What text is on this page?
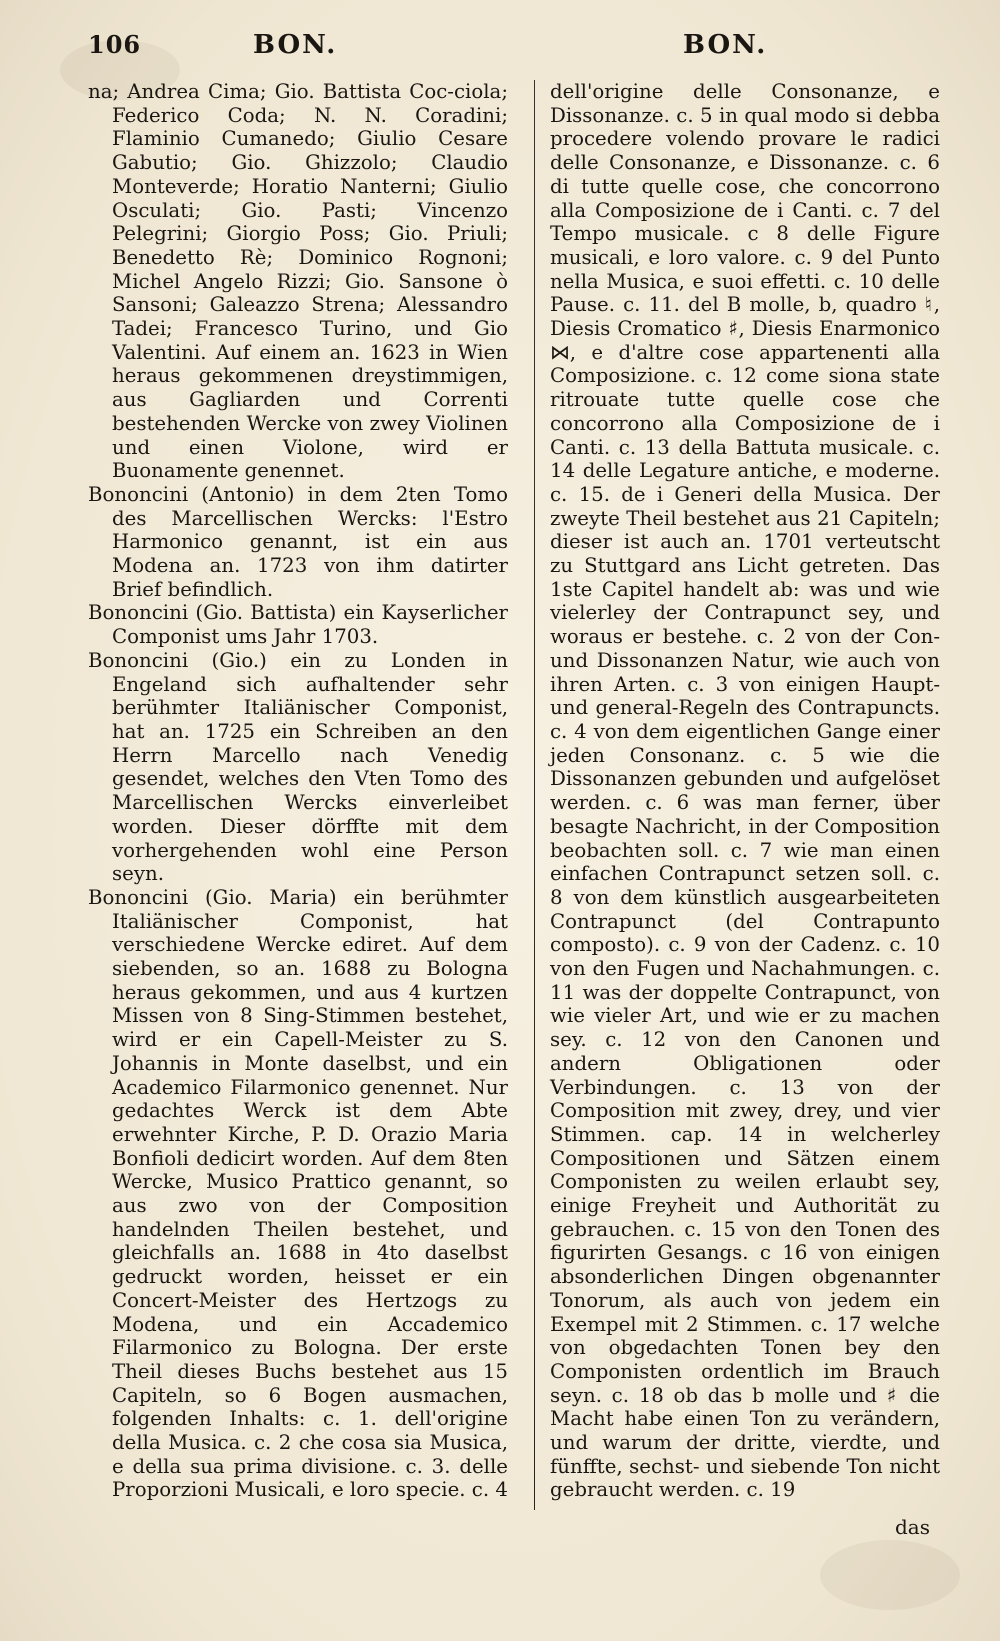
106	BON.	BON.

na; Andrea Cima; Gio. Battista Coc-ciola; Federico Coda; N. N. Coradini; Flaminio Cumanedo; Giulio Cesare Gabutio; Gio. Ghizzolo; Claudio Monteverde; Horatio Nanterni; Giulio Osculati; Gio. Pasti; Vincenzo Pelegrini; Giorgio Poss; Gio. Priuli; Benedetto Rè; Dominico Rognoni; Michel Angelo Rizzi; Gio. Sansone ò Sansoni; Galeazzo Strena; Alessandro Tadei; Francesco Turino, und Gio Valentini. Auf einem an. 1623 in Wien heraus gekommenen dreystimmigen, aus Gagliarden und Correnti bestehenden Wercke von zwey Violinen und einen Violone, wird er Buonamente genennet.

Bononcini (Antonio) in dem 2ten Tomo des Marcellischen Wercks: l'Estro Harmonico genannt, ist ein aus Modena an. 1723 von ihm datirter Brief befindlich.

Bononcini (Gio. Battista) ein Kayserlicher Componist ums Jahr 1703.

Bononcini (Gio.) ein zu Londen in Engeland sich aufhaltender sehr berühmter Italiänischer Componist, hat an. 1725 ein Schreiben an den Herrn Marcello nach Venedig gesendet, welches den Vten Tomo des Marcellischen Wercks einverleibet worden. Dieser dörffte mit dem vorhergehenden wohl eine Person seyn.

Bononcini (Gio. Maria) ein berühmter Italiänischer Componist, hat verschiedene Wercke ediret. Auf dem siebenden, so an. 1688 zu Bologna heraus gekommen, und aus 4 kurtzen Missen von 8 Sing-Stimmen bestehet, wird er ein Capell-Meister zu S. Johannis in Monte daselbst, und ein Academico Filarmonico genennet. Nur gedachtes Werck ist dem Abte erwehnter Kirche, P. D. Orazio Maria Bonfioli dedicirt worden. Auf dem 8ten Wercke, Musico Prattico genannt, so aus zwo von der Composition handelnden Theilen bestehet, und gleichfalls an. 1688 in 4to daselbst gedruckt worden, heisset er ein Concert-Meister des Hertzogs zu Modena, und ein Accademico Filarmonico zu Bologna. Der erste Theil dieses Buchs bestehet aus 15 Capiteln, so 6 Bogen ausmachen, folgenden Inhalts: c. 1. dell'origine della Musica. c. 2 che cosa sia Musica, e della sua prima divisione. c. 3. delle Proporzioni Musicali, e loro specie. c. 4

dell'origine delle Consonanze, e Dissonanze. c. 5 in qual modo si debba procedere volendo provare le radici delle Consonanze, e Dissonanze. c. 6 di tutte quelle cose, che concorrono alla Composizione de i Canti. c. 7 del Tempo musicale. c 8 delle Figure musicali, e loro valore. c. 9 del Punto nella Musica, e suoi effetti. c. 10 delle Pause. c. 11. del B molle, b, quadro ♮, Diesis Cromatico ♯, Diesis Enarmonico ⋈, e d'altre cose appartenenti alla Composizione. c. 12 come siona state ritrouate tutte quelle cose che concorrono alla Composizione de i Canti. c. 13 della Battuta musicale. c. 14 delle Legature antiche, e moderne. c. 15. de i Generi della Musica. Der zweyte Theil bestehet aus 21 Capiteln; dieser ist auch an. 1701 verteutscht zu Stuttgard ans Licht getreten. Das 1ste Capitel handelt ab: was und wie vielerley der Contrapunct sey, und woraus er bestehe. c. 2 von der Con- und Dissonanzen Natur, wie auch von ihren Arten. c. 3 von einigen Haupt- und general-Regeln des Contrapuncts. c. 4 von dem eigentlichen Gange einer jeden Consonanz. c. 5 wie die Dissonanzen gebunden und aufgelöset werden. c. 6 was man ferner, über besagte Nachricht, in der Composition beobachten soll. c. 7 wie man einen einfachen Contrapunct setzen soll. c. 8 von dem künstlich ausgearbeiteten Contrapunct (del Contrapunto composto). c. 9 von der Cadenz. c. 10 von den Fugen und Nachahmungen. c. 11 was der doppelte Contrapunct, von wie vieler Art, und wie er zu machen sey. c. 12 von den Canonen und andern Obligationen oder Verbindungen. c. 13 von der Composition mit zwey, drey, und vier Stimmen. cap. 14 in welcherley Compositionen und Sätzen einem Componisten zu weilen erlaubt sey, einige Freyheit und Authorität zu gebrauchen. c. 15 von den Tonen des figurirten Gesangs. c 16 von einigen absonderlichen Dingen obgenannter Tonorum, als auch von jedem ein Exempel mit 2 Stimmen. c. 17 welche von obgedachten Tonen bey den Componisten ordentlich im Brauch seyn. c. 18 ob das b molle und ♯ die Macht habe einen Ton zu verändern, und warum der dritte, vierdte, und fünffte, sechst- und siebende Ton nicht gebraucht werden. c. 19

das
